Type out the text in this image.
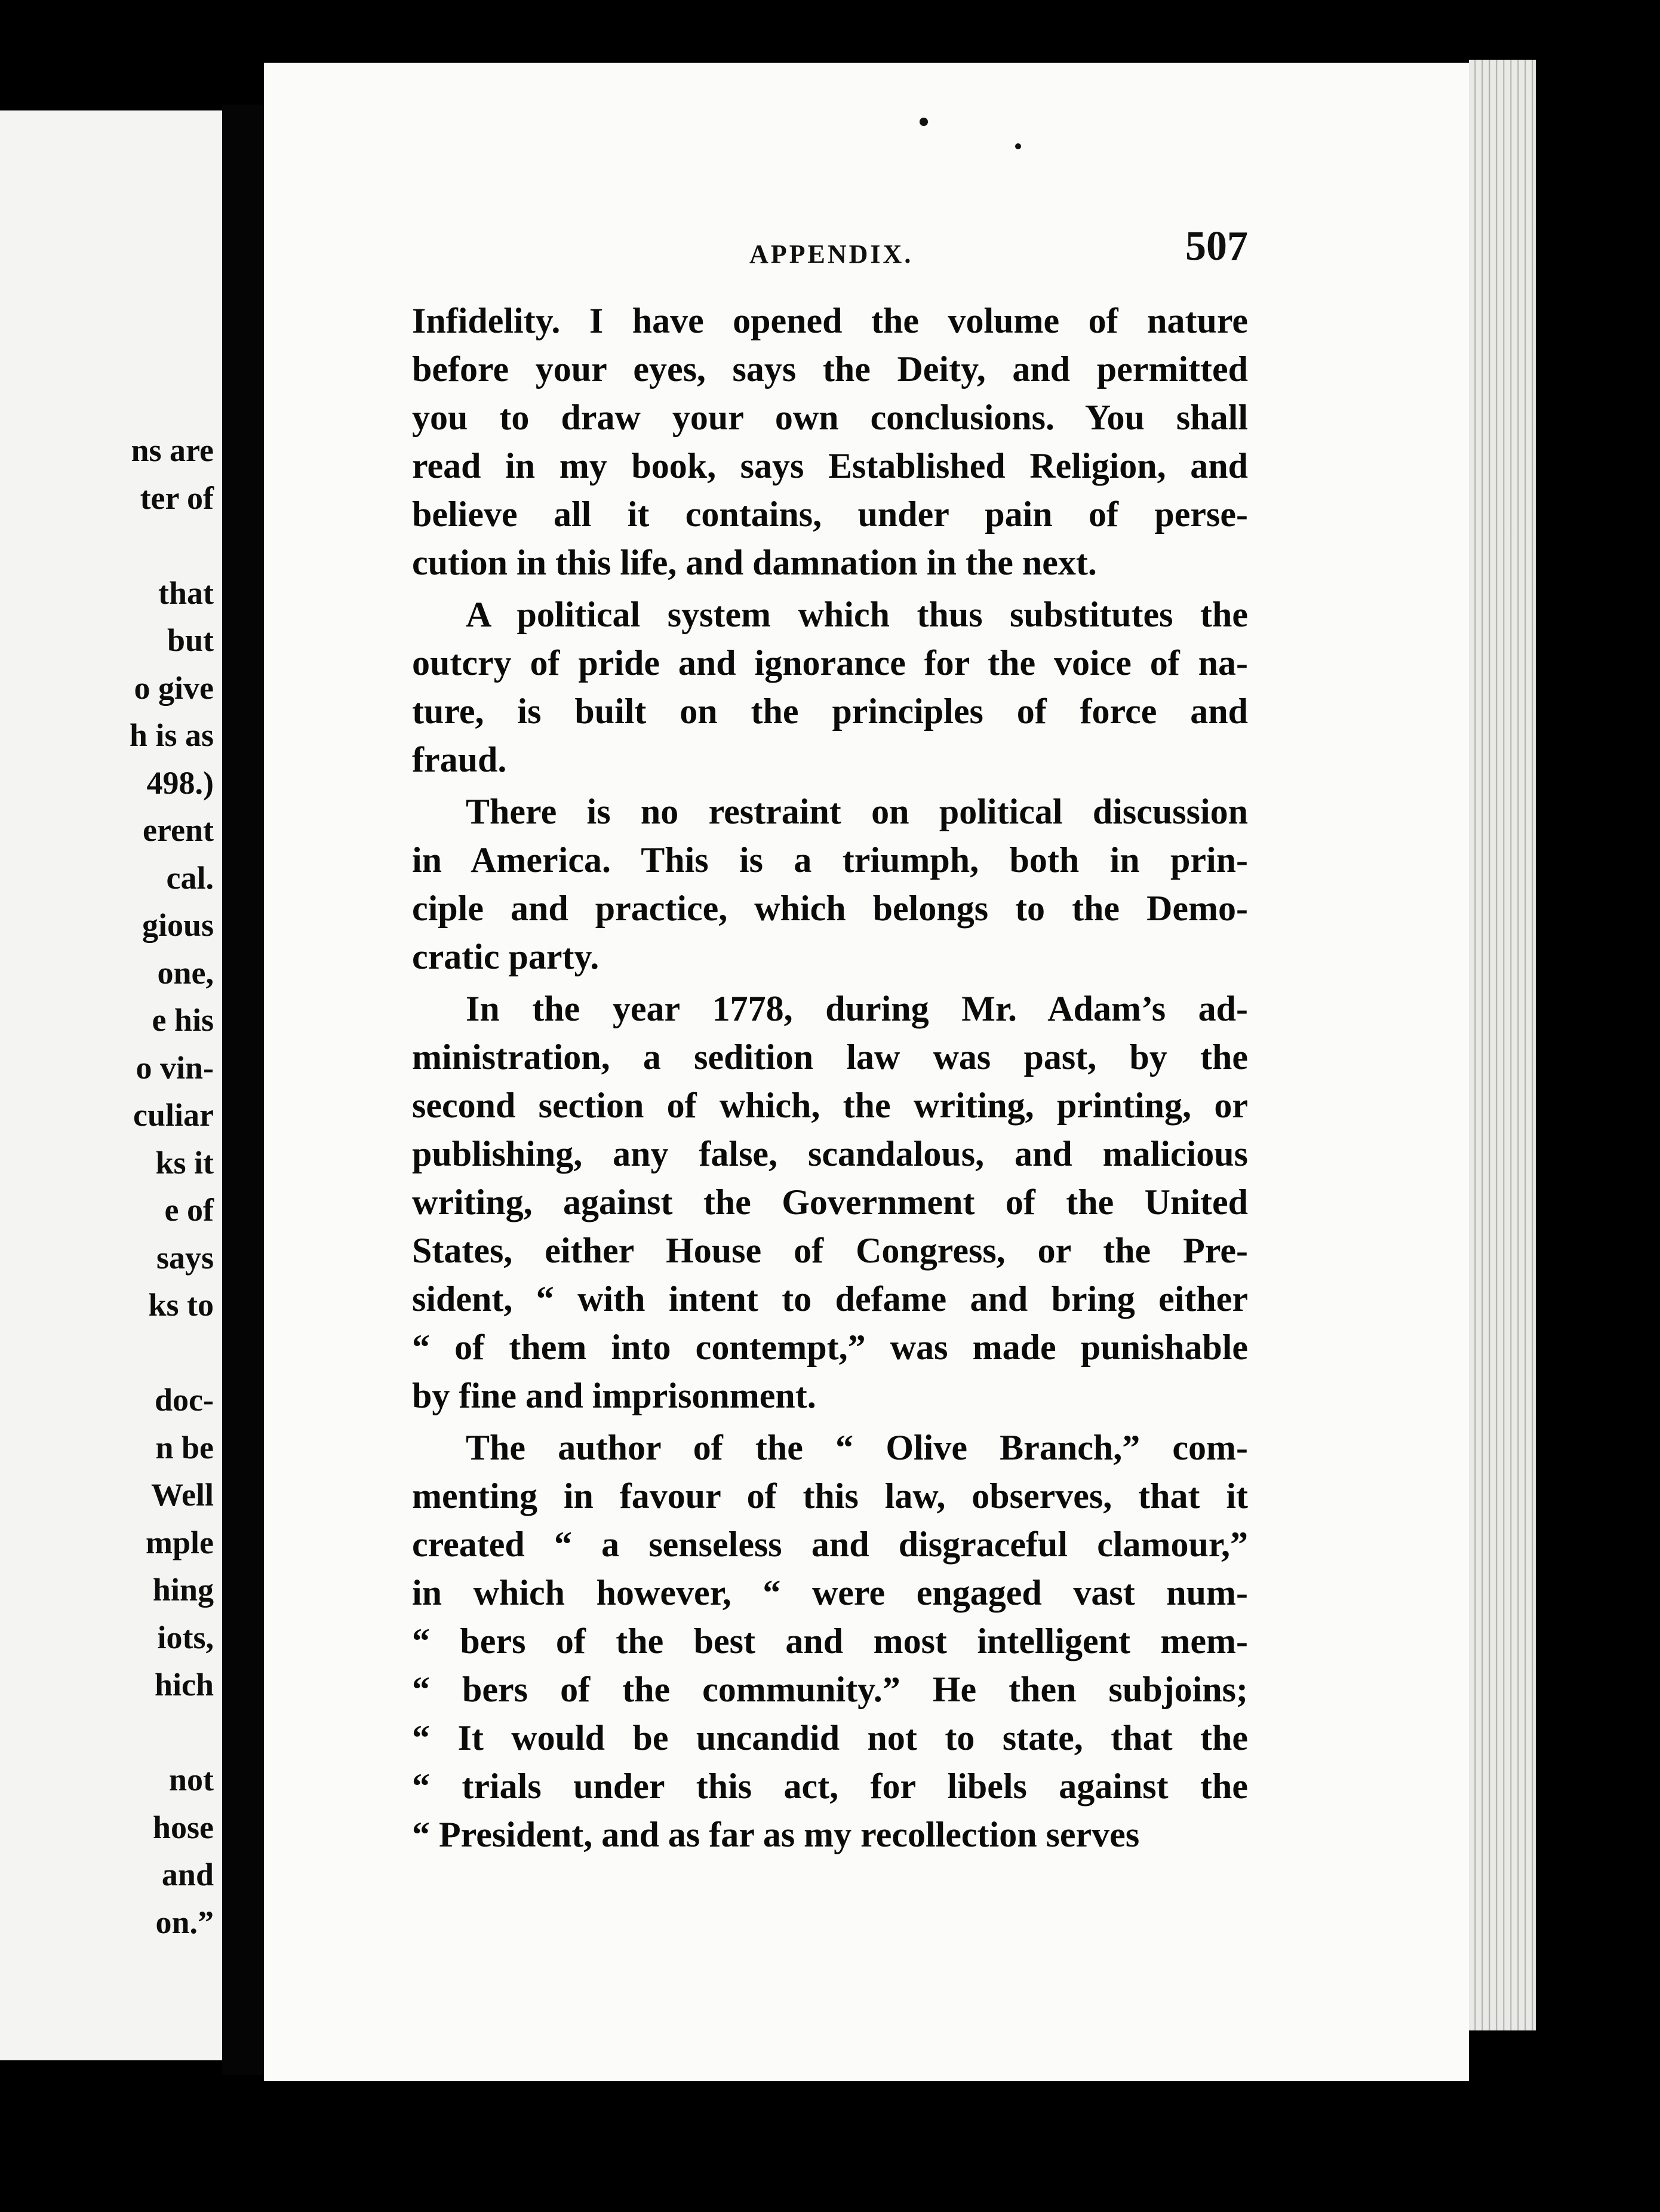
ns are
ter of

that
but
o give
h is as
498.)
erent
cal.
gious
one,
e his
o vin-
culiar
ks it
e of
says
ks to

doc-
n be
Well
mple
hing
iots,
hich

not
hose
and
on.”
APPENDIX.	507
Infidelity. I have opened the volume of nature
before your eyes, says the Deity, and permitted
you to draw your own conclusions. You shall
read in my book, says Established Religion, and
believe all it contains, under pain of perse-
cution in this life, and damnation in the next.
A political system which thus substitutes the
outcry of pride and ignorance for the voice of na-
ture, is built on the principles of force and
fraud.
There is no restraint on political discussion
in America. This is a triumph, both in prin-
ciple and practice, which belongs to the Demo-
cratic party.
In the year 1778, during Mr. Adam’s ad-
ministration, a sedition law was past, by the
second section of which, the writing, printing, or
publishing, any false, scandalous, and malicious
writing, against the Government of the United
States, either House of Congress, or the Pre-
sident, “ with intent to defame and bring either
“ of them into contempt,” was made punishable
by fine and imprisonment.
The author of the “ Olive Branch,” com-
menting in favour of this law, observes, that it
created “ a senseless and disgraceful clamour,”
in which however, “ were engaged vast num-
“ bers of the best and most intelligent mem-
“ bers of the community.” He then subjoins;
“ It would be uncandid not to state, that the
“ trials under this act, for libels against the
“ President, and as far as my recollection serves
